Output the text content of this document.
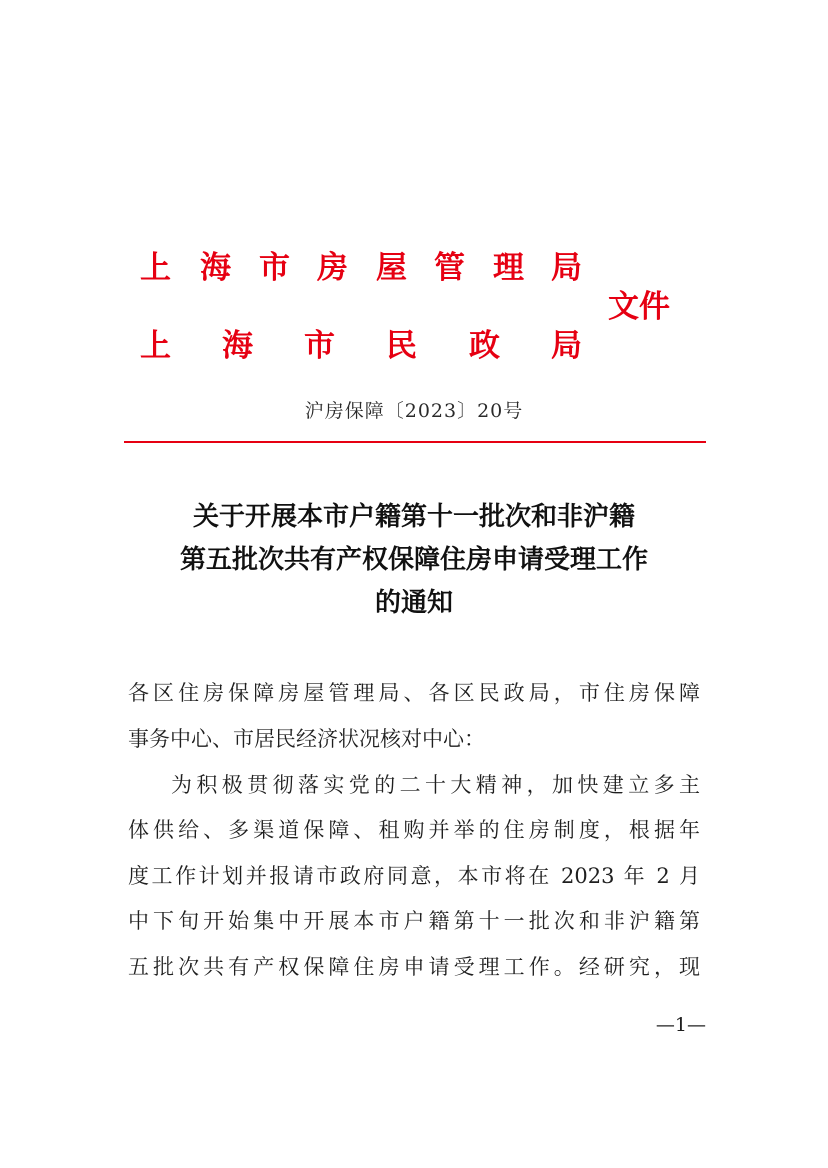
上 海 市 房 屋 管 理 局
文件
上 海 市 民 政 局
沪房保障〔2023〕20号
关于开展本市户籍第十一批次和非沪籍
第五批次共有产权保障住房申请受理工作
的通知
各区住房保障房屋管理局、各区民政局，市住房保障
事务中心、市居民经济状况核对中心：
为积极贯彻落实党的二十大精神，加快建立多主
体供给、多渠道保障、租购并举的住房制度，根据年
度工作计划并报请市政府同意，本市将在 2023 年 2 月
中下旬开始集中开展本市户籍第十一批次和非沪籍第
五批次共有产权保障住房申请受理工作。经研究，现
—1—
